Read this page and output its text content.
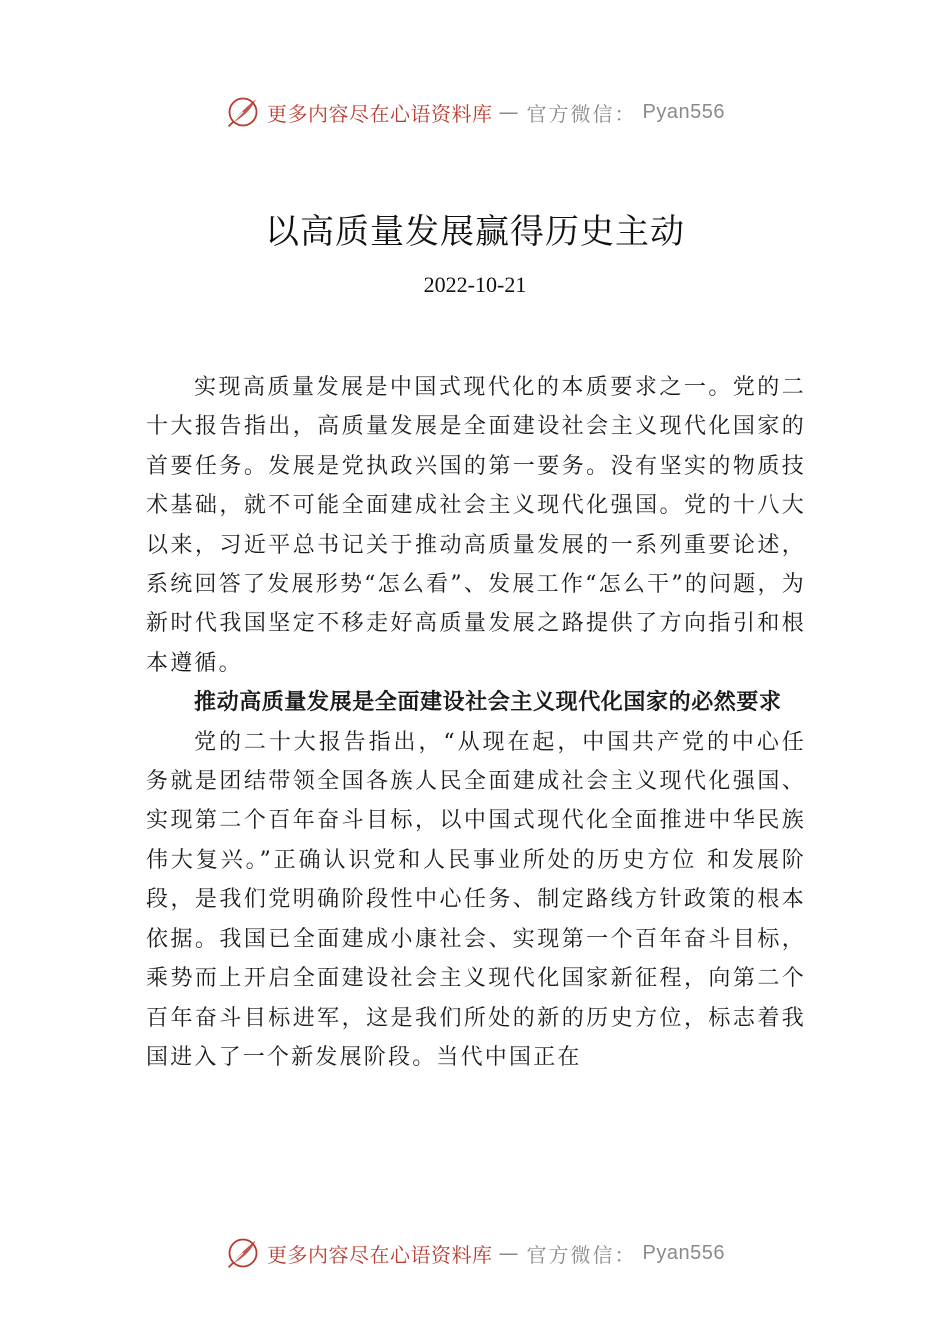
更多内容尽在心语资料库 — 官方微信： Pyan556
以高质量发展赢得历史主动
2022-10-21

实现高质量发展是中国式现代化的本质要求之一。党的二十大报告指出，高质量发展是全面建设社会主义现代化国家的首要任务。发展是党执政兴国的第一要务。没有坚实的物质技术基础，就不可能全面建成社会主义现代化强国。党的十八大以来，习近平总书记关于推动高质量发展的一系列重要论述，系统回答了发展形势“怎么看”、发展工作“怎么干”的问题，为新时代我国坚定不移走好高质量发展之路提供了方向指引和根本遵循。

推动高质量发展是全面建设社会主义现代化国家的必然要求

党的二十大报告指出，“从现在起，中国共产党的中心任务就是团结带领全国各族人民全面建成社会主义现代化强国、实现第二个百年奋斗目标，以中国式现代化全面推进中华民族伟大复兴。”正确认识党和人民事业所处的历史方位 和发展阶段，是我们党明确阶段性中心任务、制定路线方针政策的根本依据。我国已全面建成小康社会、实现第一个百年奋斗目标，乘势而上开启全面建设社会主义现代化国家新征程，向第二个百年奋斗目标进军，这是我们所处的新的历史方位，标志着我国进入了一个新发展阶段。当代中国正在

更多内容尽在心语资料库 — 官方微信： Pyan556
